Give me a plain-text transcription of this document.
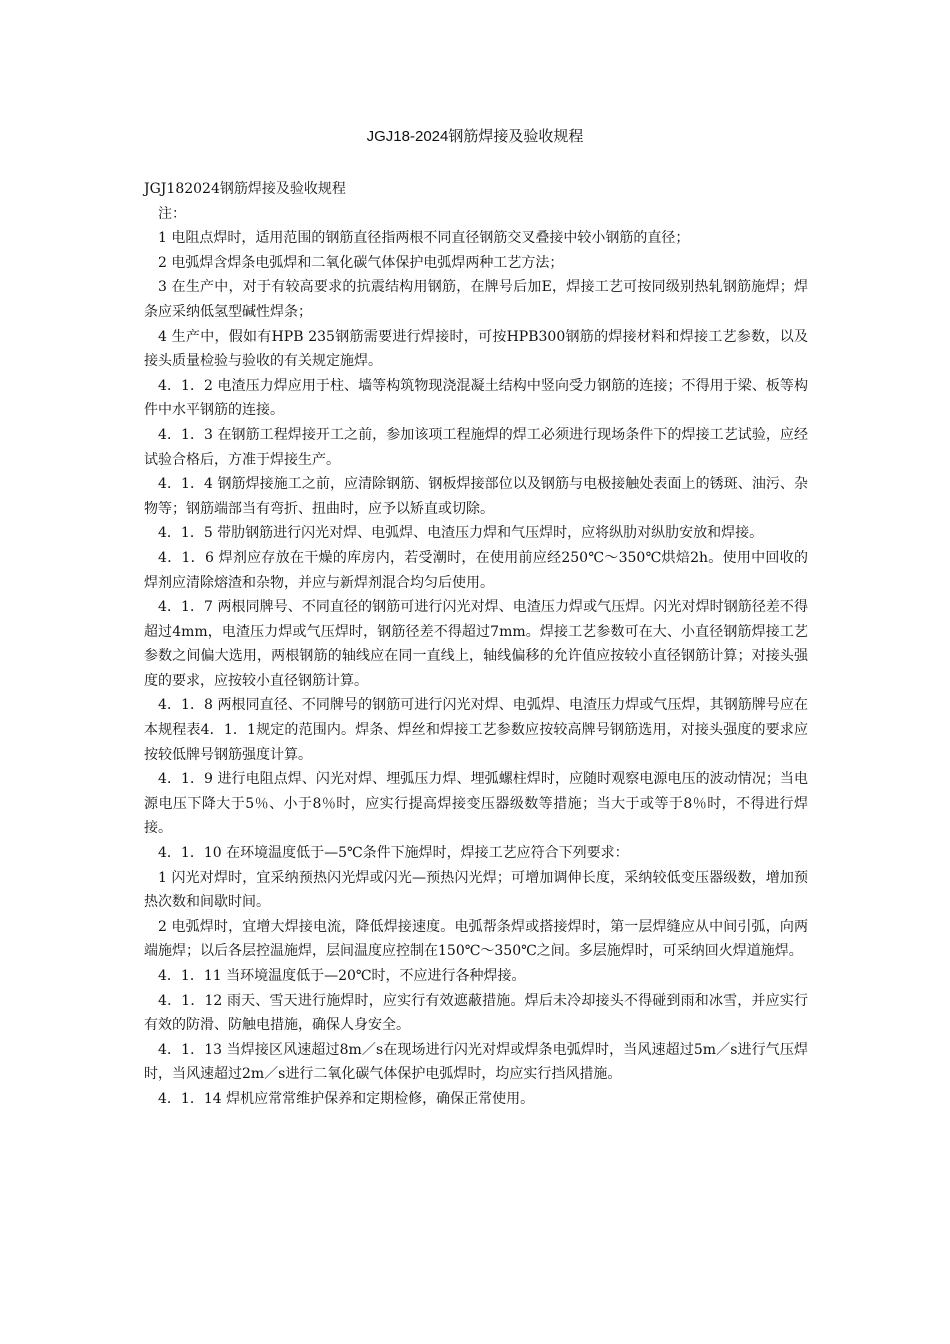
JGJ18-2024钢筋焊接及验收规程

JGJ182024钢筋焊接及验收规程

注：

1 电阻点焊时，适用范围的钢筋直径指两根不同直径钢筋交叉叠接中较小钢筋的直径；

2 电弧焊含焊条电弧焊和二氧化碳气体保护电弧焊两种工艺方法；

3 在生产中，对于有较高要求的抗震结构用钢筋，在牌号后加E，焊接工艺可按同级别热轧钢筋施焊；焊条应采纳低氢型碱性焊条；

4 生产中，假如有HPB 235钢筋需要进行焊接时，可按HPB300钢筋的焊接材料和焊接工艺参数，以及接头质量检验与验收的有关规定施焊。

4．1．2 电渣压力焊应用于柱、墙等构筑物现浇混凝土结构中竖向受力钢筋的连接；不得用于梁、板等构件中水平钢筋的连接。

4．1．3 在钢筋工程焊接开工之前，参加该项工程施焊的焊工必须进行现场条件下的焊接工艺试验，应经试验合格后，方准于焊接生产。

4．1．4 钢筋焊接施工之前，应清除钢筋、钢板焊接部位以及钢筋与电极接触处表面上的锈斑、油污、杂物等；钢筋端部当有弯折、扭曲时，应予以矫直或切除。

4．1．5 带肋钢筋进行闪光对焊、电弧焊、电渣压力焊和气压焊时，应将纵肋对纵肋安放和焊接。

4．1．6 焊剂应存放在干燥的库房内，若受潮时，在使用前应经250℃～350℃烘焙2h。使用中回收的焊剂应清除熔渣和杂物，并应与新焊剂混合均匀后使用。

4．1．7 两根同牌号、不同直径的钢筋可进行闪光对焊、电渣压力焊或气压焊。闪光对焊时钢筋径差不得超过4mm，电渣压力焊或气压焊时，钢筋径差不得超过7mm。焊接工艺参数可在大、小直径钢筋焊接工艺参数之间偏大选用，两根钢筋的轴线应在同一直线上，轴线偏移的允许值应按较小直径钢筋计算；对接头强度的要求，应按较小直径钢筋计算。

4．1．8 两根同直径、不同牌号的钢筋可进行闪光对焊、电弧焊、电渣压力焊或气压焊，其钢筋牌号应在本规程表4．1．1规定的范围内。焊条、焊丝和焊接工艺参数应按较高牌号钢筋选用，对接头强度的要求应按较低牌号钢筋强度计算。

4．1．9 进行电阻点焊、闪光对焊、埋弧压力焊、埋弧螺柱焊时，应随时观察电源电压的波动情况；当电源电压下降大于5％、小于8％时，应实行提高焊接变压器级数等措施；当大于或等于8％时，不得进行焊接。

4．1．10 在环境温度低于—5℃条件下施焊时，焊接工艺应符合下列要求：

1 闪光对焊时，宜采纳预热闪光焊或闪光—预热闪光焊；可增加调伸长度，采纳较低变压器级数，增加预热次数和间歇时间。

2 电弧焊时，宜增大焊接电流，降低焊接速度。电弧帮条焊或搭接焊时，第一层焊缝应从中间引弧，向两端施焊；以后各层控温施焊，层间温度应控制在150℃～350℃之间。多层施焊时，可采纳回火焊道施焊。

4．1．11 当环境温度低于—20℃时，不应进行各种焊接。

4．1．12 雨天、雪天进行施焊时，应实行有效遮蔽措施。焊后未冷却接头不得碰到雨和冰雪，并应实行有效的防滑、防触电措施，确保人身安全。

4．1．13 当焊接区风速超过8m／s在现场进行闪光对焊或焊条电弧焊时，当风速超过5m／s进行气压焊时，当风速超过2m／s进行二氧化碳气体保护电弧焊时，均应实行挡风措施。

4．1．14 焊机应常常维护保养和定期检修，确保正常使用。
